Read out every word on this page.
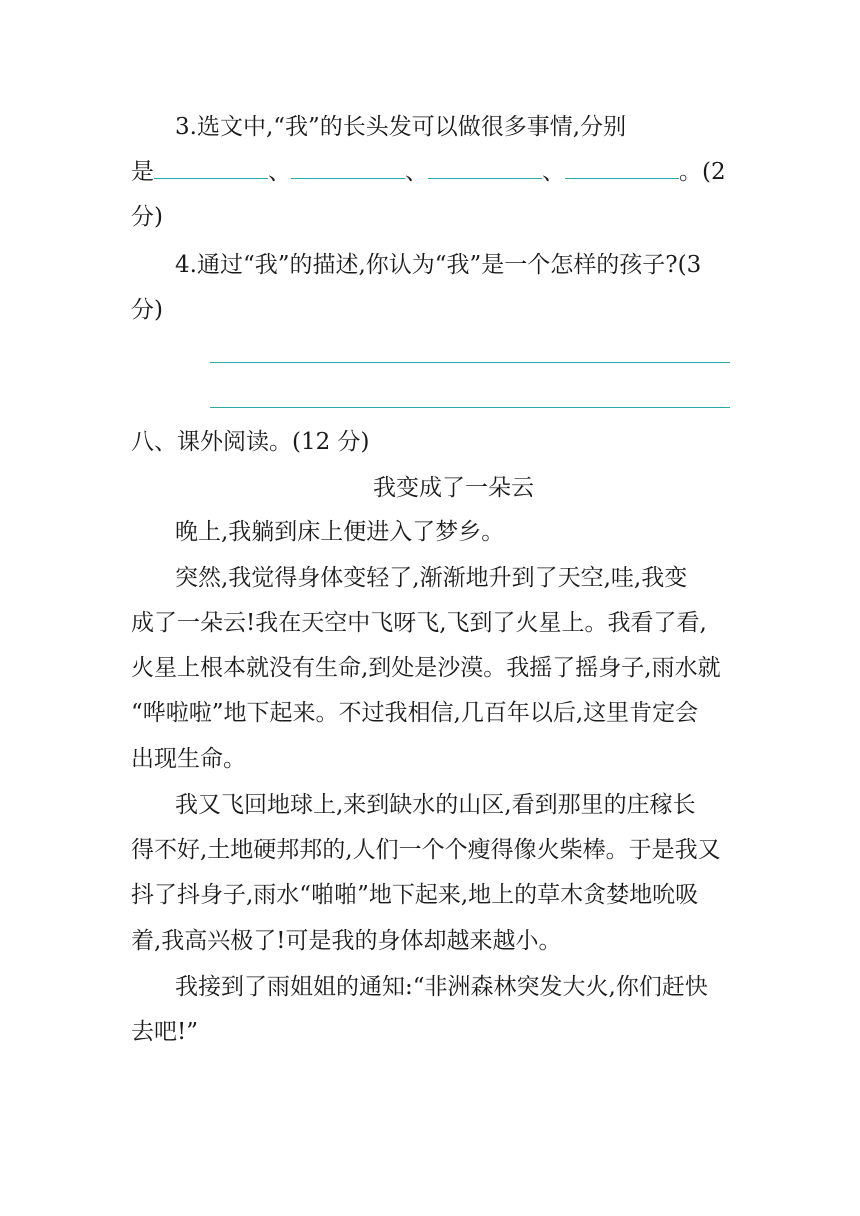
3.选文中,“我”的长头发可以做很多事情,分别
是	、	、	、	。(2
分)
4.通过“我”的描述,你认为“我”是一个怎样的孩子?(3
分)
八、课外阅读。(12 分)
我变成了一朵云
晚上,我躺到床上便进入了梦乡。
突然,我觉得身体变轻了,渐渐地升到了天空,哇,我变
成了一朵云!我在天空中飞呀飞,飞到了火星上。我看了看,
火星上根本就没有生命,到处是沙漠。我摇了摇身子,雨水就
“哗啦啦”地下起来。不过我相信,几百年以后,这里肯定会
出现生命。
我又飞回地球上,来到缺水的山区,看到那里的庄稼长
得不好,土地硬邦邦的,人们一个个瘦得像火柴棒。于是我又
抖了抖身子,雨水“啪啪”地下起来,地上的草木贪婪地吮吸
着,我高兴极了!可是我的身体却越来越小。
我接到了雨姐姐的通知:“非洲森林突发大火,你们赶快
去吧!”
